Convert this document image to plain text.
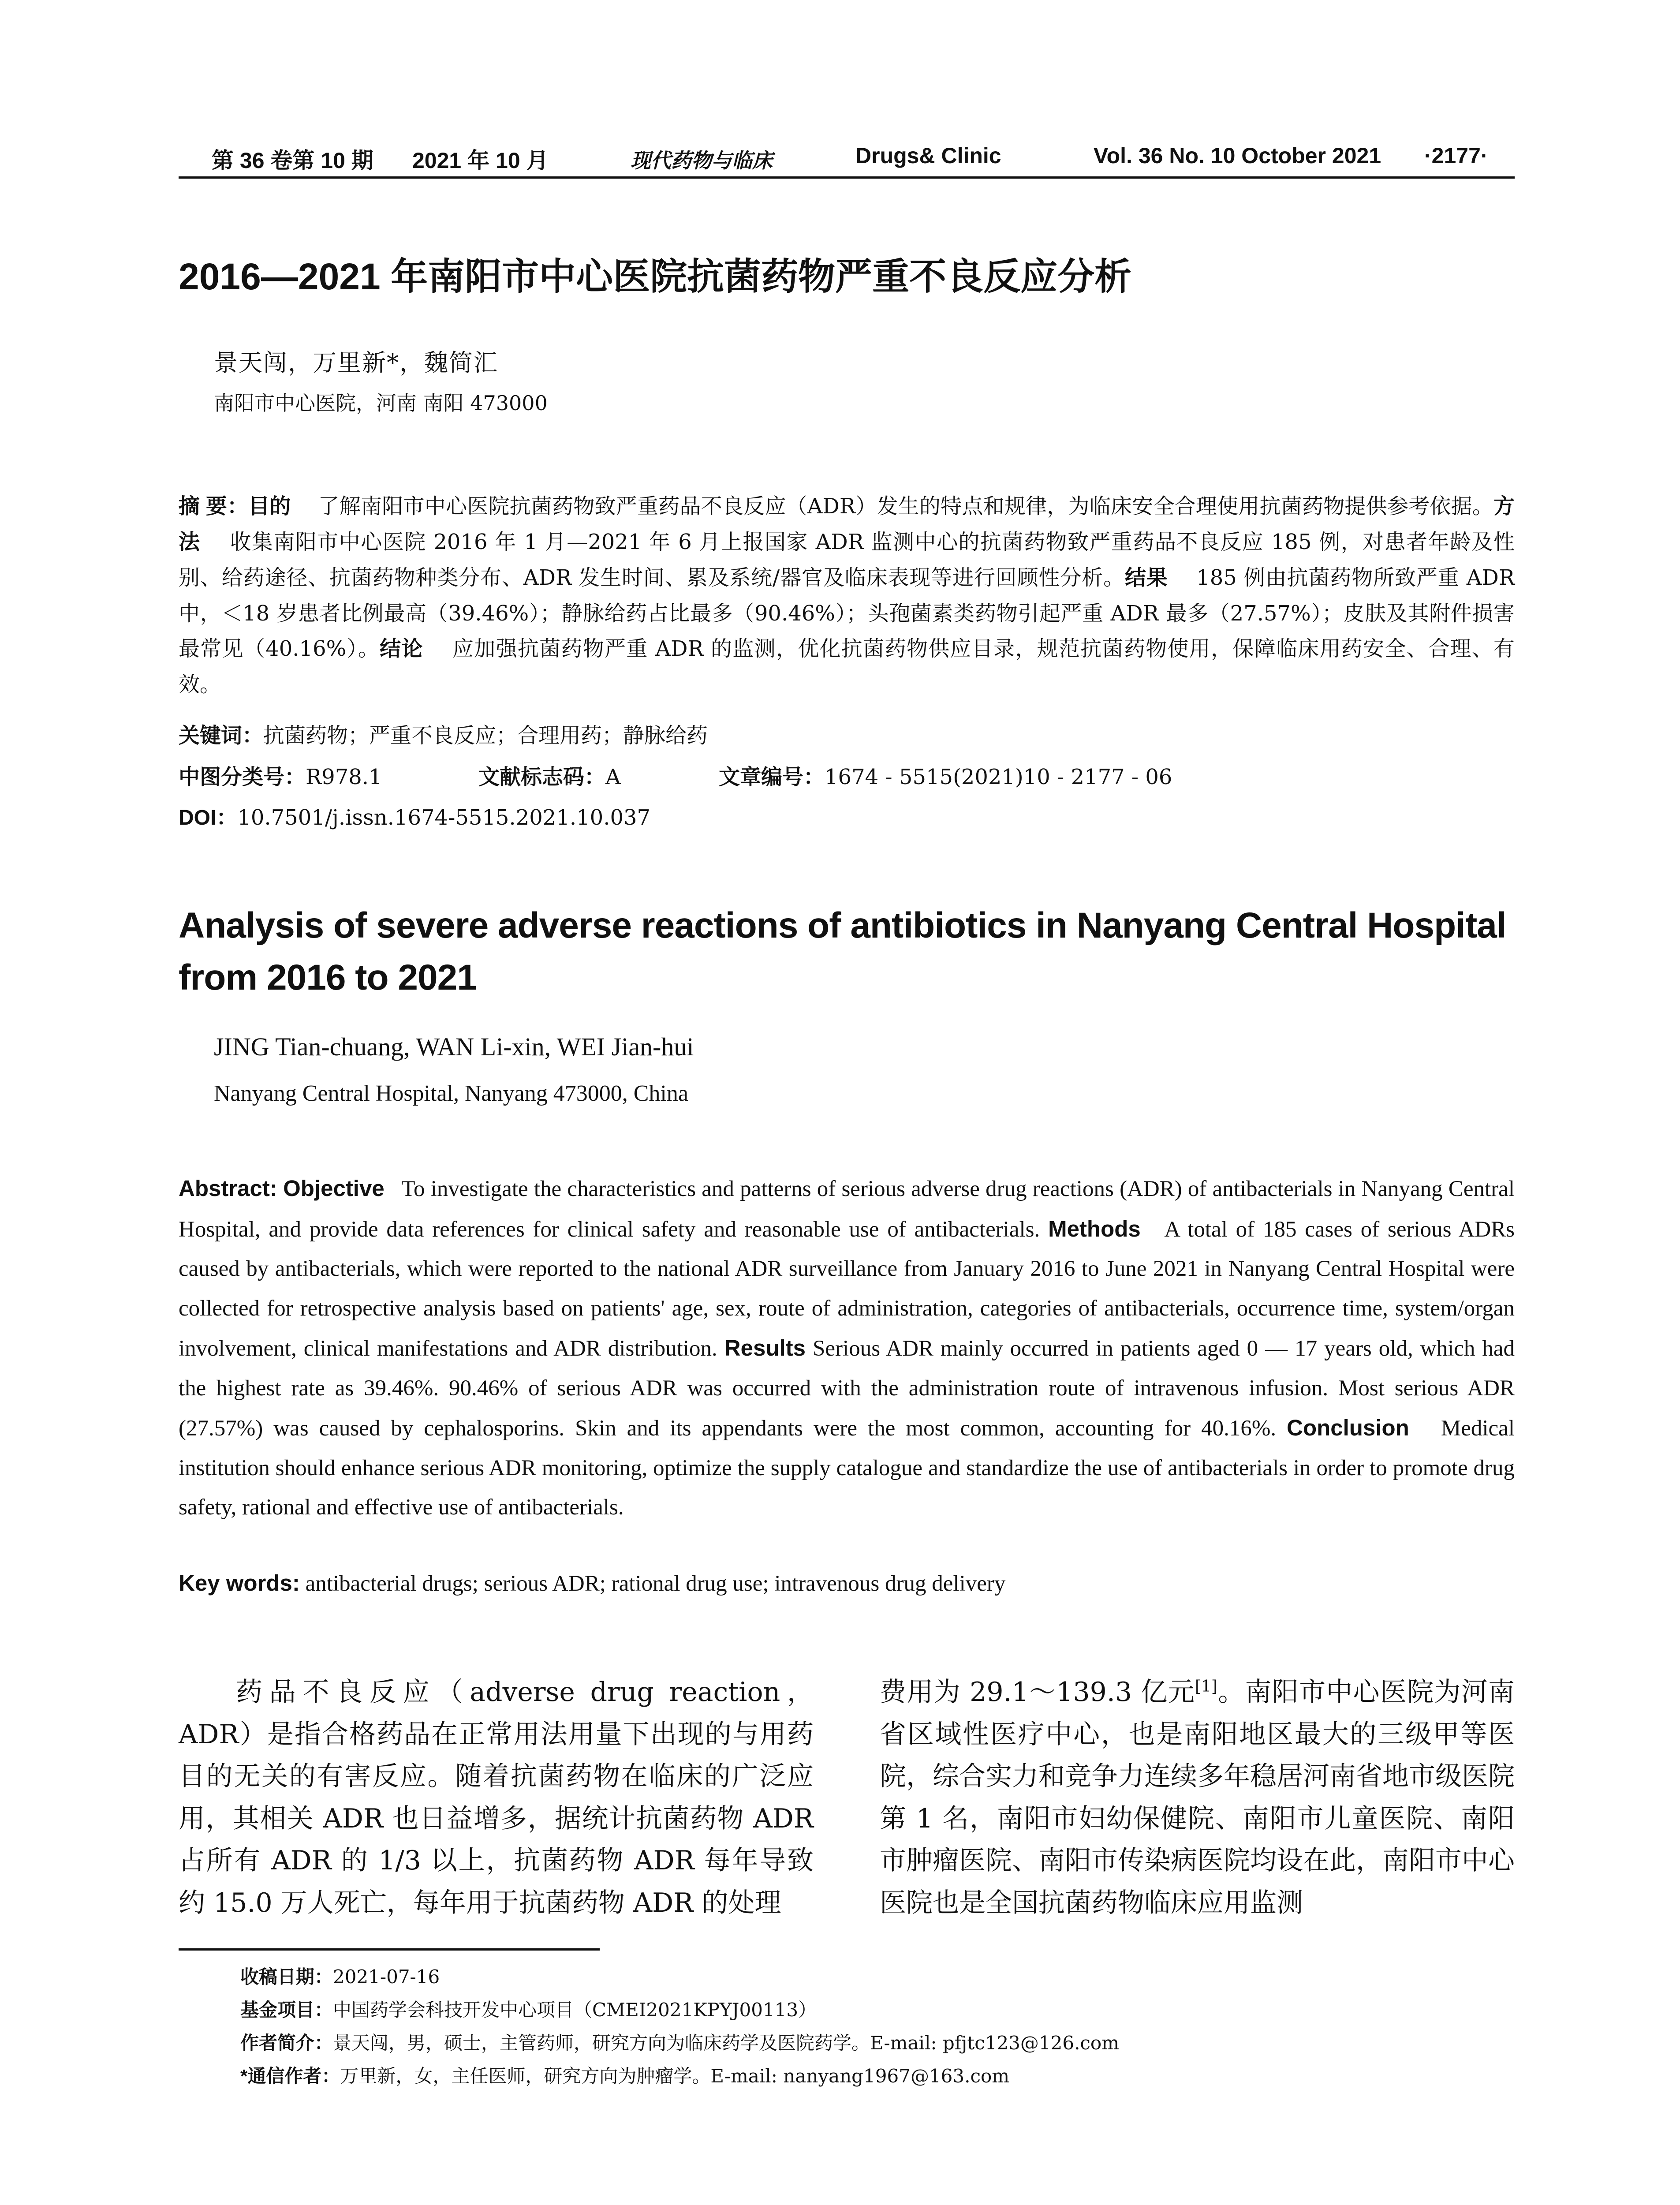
第 36 卷第 10 期 2021 年 10 月	现代药物与临床	Drugs& Clinic	Vol. 36 No. 10 October 2021 ·2177·
2016—2021 年南阳市中心医院抗菌药物严重不良反应分析
景天闯，万里新*，魏简汇
南阳市中心医院，河南 南阳 473000
摘 要：目的 了解南阳市中心医院抗菌药物致严重药品不良反应（ADR）发生的特点和规律，为临床安全合理使用抗菌药物提供参考依据。方法 收集南阳市中心医院 2016 年 1 月—2021 年 6 月上报国家 ADR 监测中心的抗菌药物致严重药品不良反应 185 例，对患者年龄及性别、给药途径、抗菌药物种类分布、ADR 发生时间、累及系统/器官及临床表现等进行回顾性分析。结果 185 例由抗菌药物所致严重 ADR 中，＜18 岁患者比例最高（39.46%）；静脉给药占比最多（90.46%）；头孢菌素类药物引起严重 ADR 最多（27.57%）；皮肤及其附件损害最常见（40.16%）。结论 应加强抗菌药物严重 ADR 的监测，优化抗菌药物供应目录，规范抗菌药物使用，保障临床用药安全、合理、有效。
关键词：抗菌药物；严重不良反应；合理用药；静脉给药
中图分类号： R978.1	文献标志码： A	文章编号： 1674 - 5515(2021)10 - 2177 - 06
DOI：10.7501/j.issn.1674-5515.2021.10.037
Analysis of severe adverse reactions of antibiotics in Nanyang Central Hospital from 2016 to 2021
JING Tian-chuang, WAN Li-xin, WEI Jian-hui
Nanyang Central Hospital, Nanyang 473000, China
Abstract: Objective To investigate the characteristics and patterns of serious adverse drug reactions (ADR) of antibacterials in Nanyang Central Hospital, and provide data references for clinical safety and reasonable use of antibacterials. Methods A total of 185 cases of serious ADRs caused by antibacterials, which were reported to the national ADR surveillance from January 2016 to June 2021 in Nanyang Central Hospital were collected for retrospective analysis based on patients' age, sex, route of administration, categories of antibacterials, occurrence time, system/organ involvement, clinical manifestations and ADR distribution. Results Serious ADR mainly occurred in patients aged 0 — 17 years old, which had the highest rate as 39.46%. 90.46% of serious ADR was occurred with the administration route of intravenous infusion. Most serious ADR (27.57%) was caused by cephalosporins. Skin and its appendants were the most common, accounting for 40.16%. Conclusion Medical institution should enhance serious ADR monitoring, optimize the supply catalogue and standardize the use of antibacterials in order to promote drug safety, rational and effective use of antibacterials.
Key words: antibacterial drugs; serious ADR; rational drug use; intravenous drug delivery
药品不良反应（adverse drug reaction，ADR）是指合格药品在正常用法用量下出现的与用药目的无关的有害反应。随着抗菌药物在临床的广泛应用，其相关 ADR 也日益增多，据统计抗菌药物 ADR 占所有 ADR 的 1/3 以上，抗菌药物 ADR 每年导致约 15.0 万人死亡，每年用于抗菌药物 ADR 的处理
费用为 29.1～139.3 亿元[1]。南阳市中心医院为河南省区域性医疗中心，也是南阳地区最大的三级甲等医院，综合实力和竞争力连续多年稳居河南省地市级医院第 1 名，南阳市妇幼保健院、南阳市儿童医院、南阳市肿瘤医院、南阳市传染病医院均设在此，南阳市中心医院也是全国抗菌药物临床应用监测
收稿日期：2021-07-16
基金项目：中国药学会科技开发中心项目（CMEI2021KPYJ00113）
作者简介：景天闯，男，硕士，主管药师，研究方向为临床药学及医院药学。E-mail: pfjtc123@126.com
*通信作者：万里新，女，主任医师，研究方向为肿瘤学。E-mail: nanyang1967@163.com
